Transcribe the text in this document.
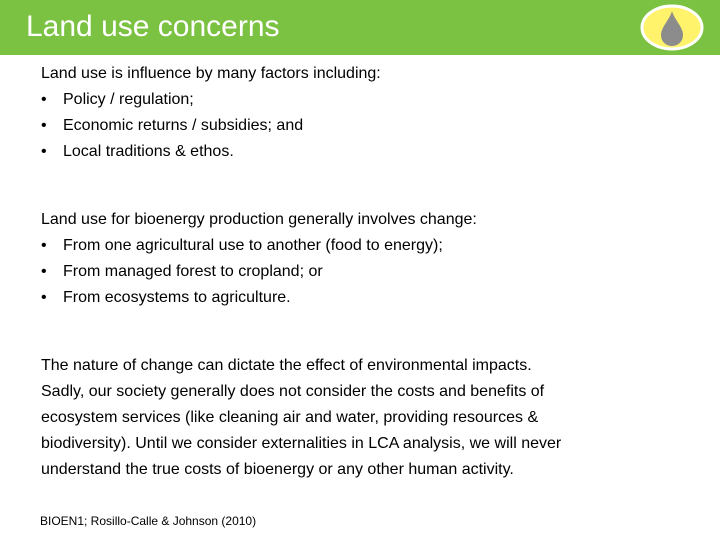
Land use concerns
Land use is influence by many factors including:
• Policy / regulation;
• Economic returns / subsidies; and
• Local traditions & ethos.
Land use for bioenergy production generally involves change:
• From one agricultural use to another (food to energy);
• From managed forest to cropland; or
• From ecosystems to agriculture.
The nature of change can dictate the effect of environmental impacts.
Sadly, our society generally does not consider the costs and benefits of
ecosystem services (like cleaning air and water, providing resources &
biodiversity). Until we consider externalities in LCA analysis, we will never
understand the true costs of bioenergy or any other human activity.
BIOEN1; Rosillo-Calle & Johnson (2010)
